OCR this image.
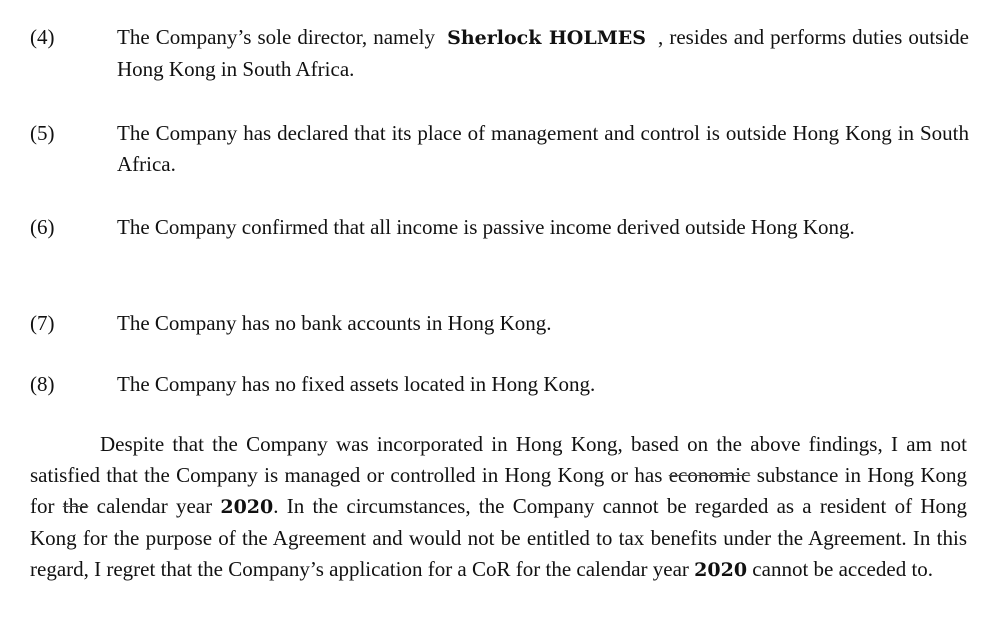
(4)	The Company’s sole director, namely Sherlock HOLMES , resides and performs duties outside Hong Kong in South Africa.
(5)	The Company has declared that its place of management and control is outside Hong Kong in South Africa.
(6)	The Company confirmed that all income is passive income derived outside Hong Kong.
(7)	The Company has no bank accounts in Hong Kong.
(8)	The Company has no fixed assets located in Hong Kong.
Despite that the Company was incorporated in Hong Kong, based on the above findings, I am not satisfied that the Company is managed or controlled in Hong Kong or has economic substance in Hong Kong for the calendar year 2020. In the circumstances, the Company cannot be regarded as a resident of Hong Kong for the purpose of the Agreement and would not be entitled to tax benefits under the Agreement. In this regard, I regret that the Company’s application for a CoR for the calendar year 2020 cannot be acceded to.
